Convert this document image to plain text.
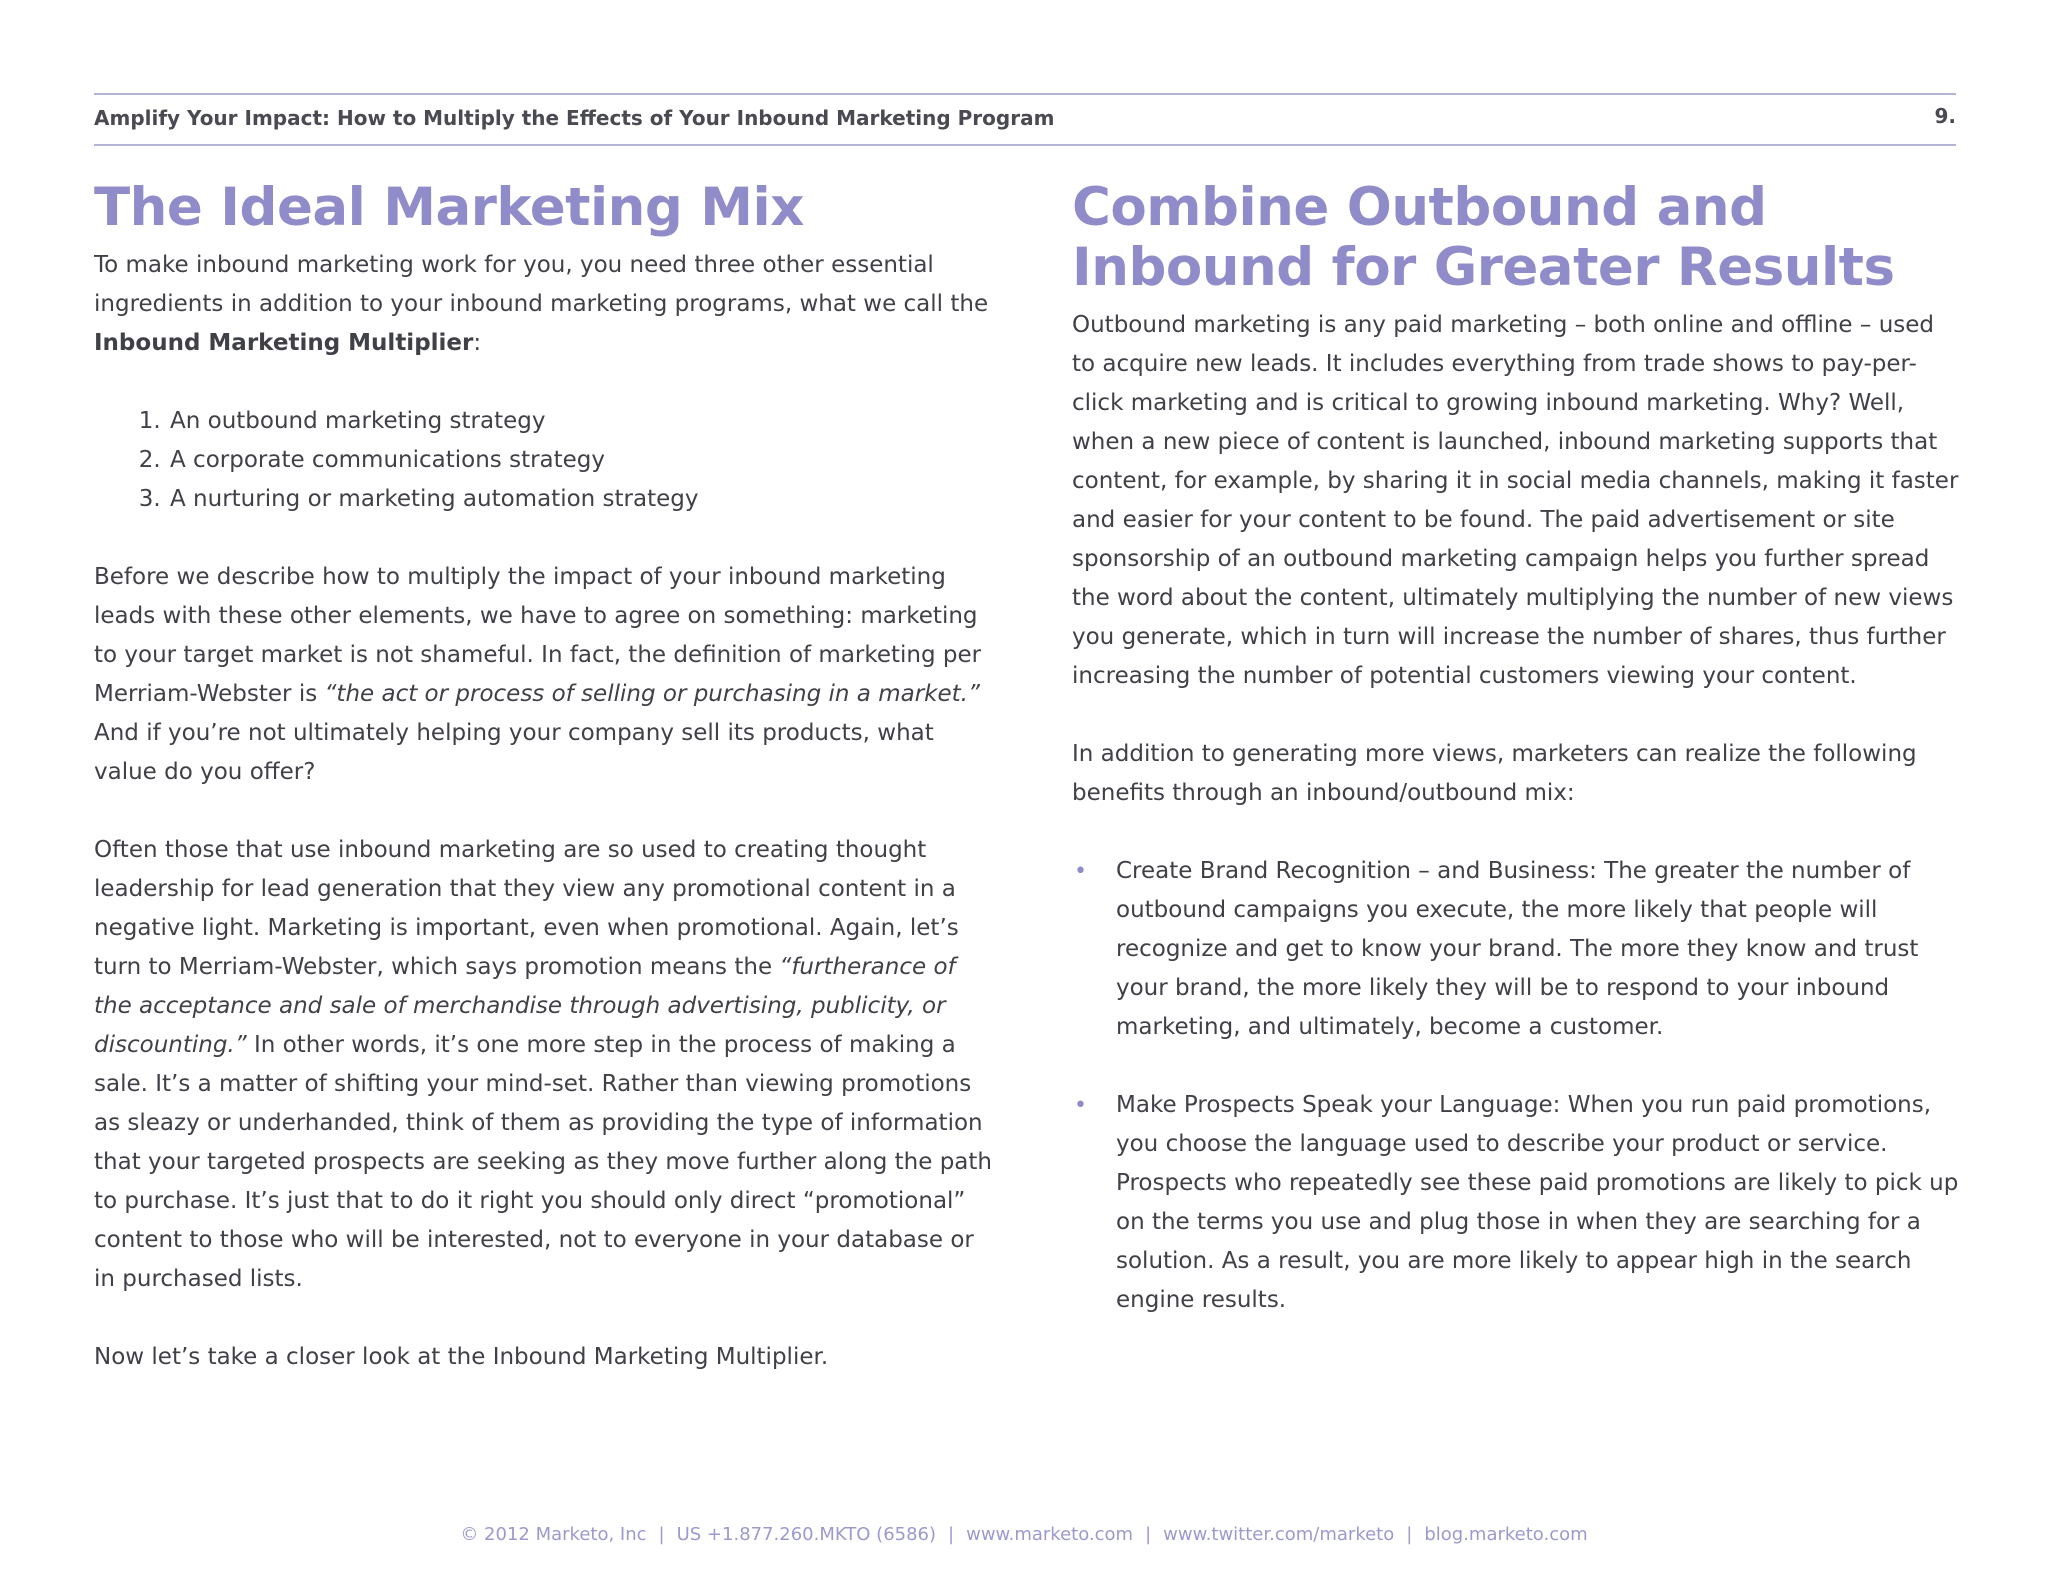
Amplify Your Impact: How to Multiply the Effects of Your Inbound Marketing Program	9.
The Ideal Marketing Mix

To make inbound marketing work for you, you need three other essential ingredients in addition to your inbound marketing programs, what we call the Inbound Marketing Multiplier:

1. An outbound marketing strategy
2. A corporate communications strategy
3. A nurturing or marketing automation strategy

Before we describe how to multiply the impact of your inbound marketing leads with these other elements, we have to agree on something: marketing to your target market is not shameful. In fact, the definition of marketing per Merriam-Webster is “the act or process of selling or purchasing in a market.” And if you’re not ultimately helping your company sell its products, what value do you offer?

Often those that use inbound marketing are so used to creating thought leadership for lead generation that they view any promotional content in a negative light. Marketing is important, even when promotional. Again, let’s turn to Merriam-Webster, which says promotion means the “furtherance of the acceptance and sale of merchandise through advertising, publicity, or discounting.” In other words, it’s one more step in the process of making a sale. It’s a matter of shifting your mind-set. Rather than viewing promotions as sleazy or underhanded, think of them as providing the type of information that your targeted prospects are seeking as they move further along the path to purchase. It’s just that to do it right you should only direct “promotional” content to those who will be interested, not to everyone in your database or in purchased lists.

Now let’s take a closer look at the Inbound Marketing Multiplier.

Combine Outbound and Inbound for Greater Results

Outbound marketing is any paid marketing – both online and offline – used to acquire new leads. It includes everything from trade shows to pay-per-click marketing and is critical to growing inbound marketing. Why? Well, when a new piece of content is launched, inbound marketing supports that content, for example, by sharing it in social media channels, making it faster and easier for your content to be found. The paid advertisement or site sponsorship of an outbound marketing campaign helps you further spread the word about the content, ultimately multiplying the number of new views you generate, which in turn will increase the number of shares, thus further increasing the number of potential customers viewing your content.

In addition to generating more views, marketers can realize the following benefits through an inbound/outbound mix:

• Create Brand Recognition – and Business: The greater the number of outbound campaigns you execute, the more likely that people will recognize and get to know your brand. The more they know and trust your brand, the more likely they will be to respond to your inbound marketing, and ultimately, become a customer.
• Make Prospects Speak your Language: When you run paid promotions, you choose the language used to describe your product or service. Prospects who repeatedly see these paid promotions are likely to pick up on the terms you use and plug those in when they are searching for a solution. As a result, you are more likely to appear high in the search engine results.
© 2012 Marketo, Inc | US +1.877.260.MKTO (6586) | www.marketo.com | www.twitter.com/marketo | blog.marketo.com
